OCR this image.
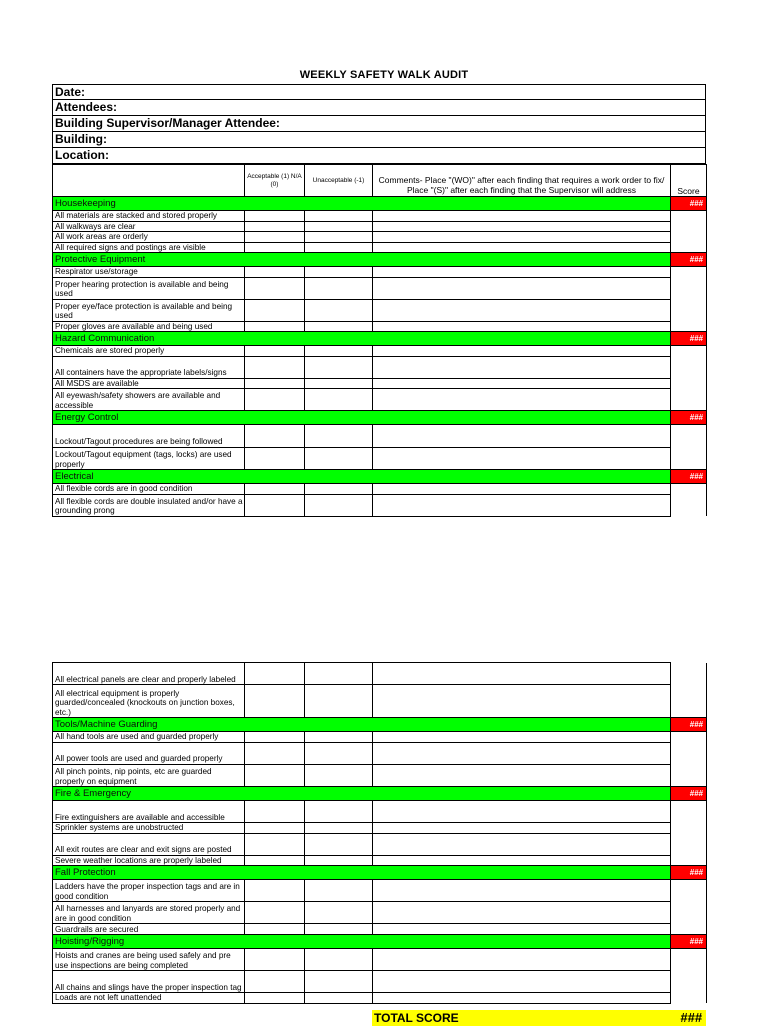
WEEKLY SAFETY WALK AUDIT
Date:
Attendees:
Building Supervisor/Manager Attendee:
Building:
Location:
	Acceptable (1) N/A (0)	Unacceptable (-1)	Comments- Place "(WO)" after each finding that requires a work order to fix/ Place "(S)" after each finding that the Supervisor will address	Score
Housekeeping				###
All materials are stacked and stored properly				
All walkways are clear				
All work areas are orderly				
All required signs and postings are visible				
Protective Equipment				###
Respirator use/storage				
Proper hearing protection is available and being used				
Proper eye/face protection is available and being used				
Proper gloves are available and being used				
Hazard Communication				###
Chemicals are stored properly				
All containers have the appropriate labels/signs				
All MSDS are available				
All eyewash/safety showers are available and accessible				
Energy Control				###
Lockout/Tagout procedures are being followed				
Lockout/Tagout equipment (tags, locks) are used properly				
Electrical				###
All flexible cords are in good condition				
All flexible cords are double insulated and/or have a grounding prong				
All electrical panels are clear and properly labeled				
All electrical equipment is properly guarded/concealed (knockouts on junction boxes, etc.)				
Tools/Machine Guarding				###
All hand tools are used and guarded properly				
All power tools are used and guarded properly				
All pinch points, nip points, etc are guarded properly on equipment				
Fire & Emergency				###
Fire extinguishers are available and accessible				
Sprinkler systems are unobstructed				
All exit routes are clear and exit signs are posted				
Severe weather locations are properly labeled				
Fall Protection				###
Ladders have the proper inspection tags and are in good condition				
All harnesses and lanyards are stored properly and are in good condition				
Guardrails are secured				
Hoisting/Rigging				###
Hoists and cranes are being used safely and pre use inspections are being completed				
All chains and slings have the proper inspection tag				
Loads are not left unattended				
TOTAL SCORE	###
